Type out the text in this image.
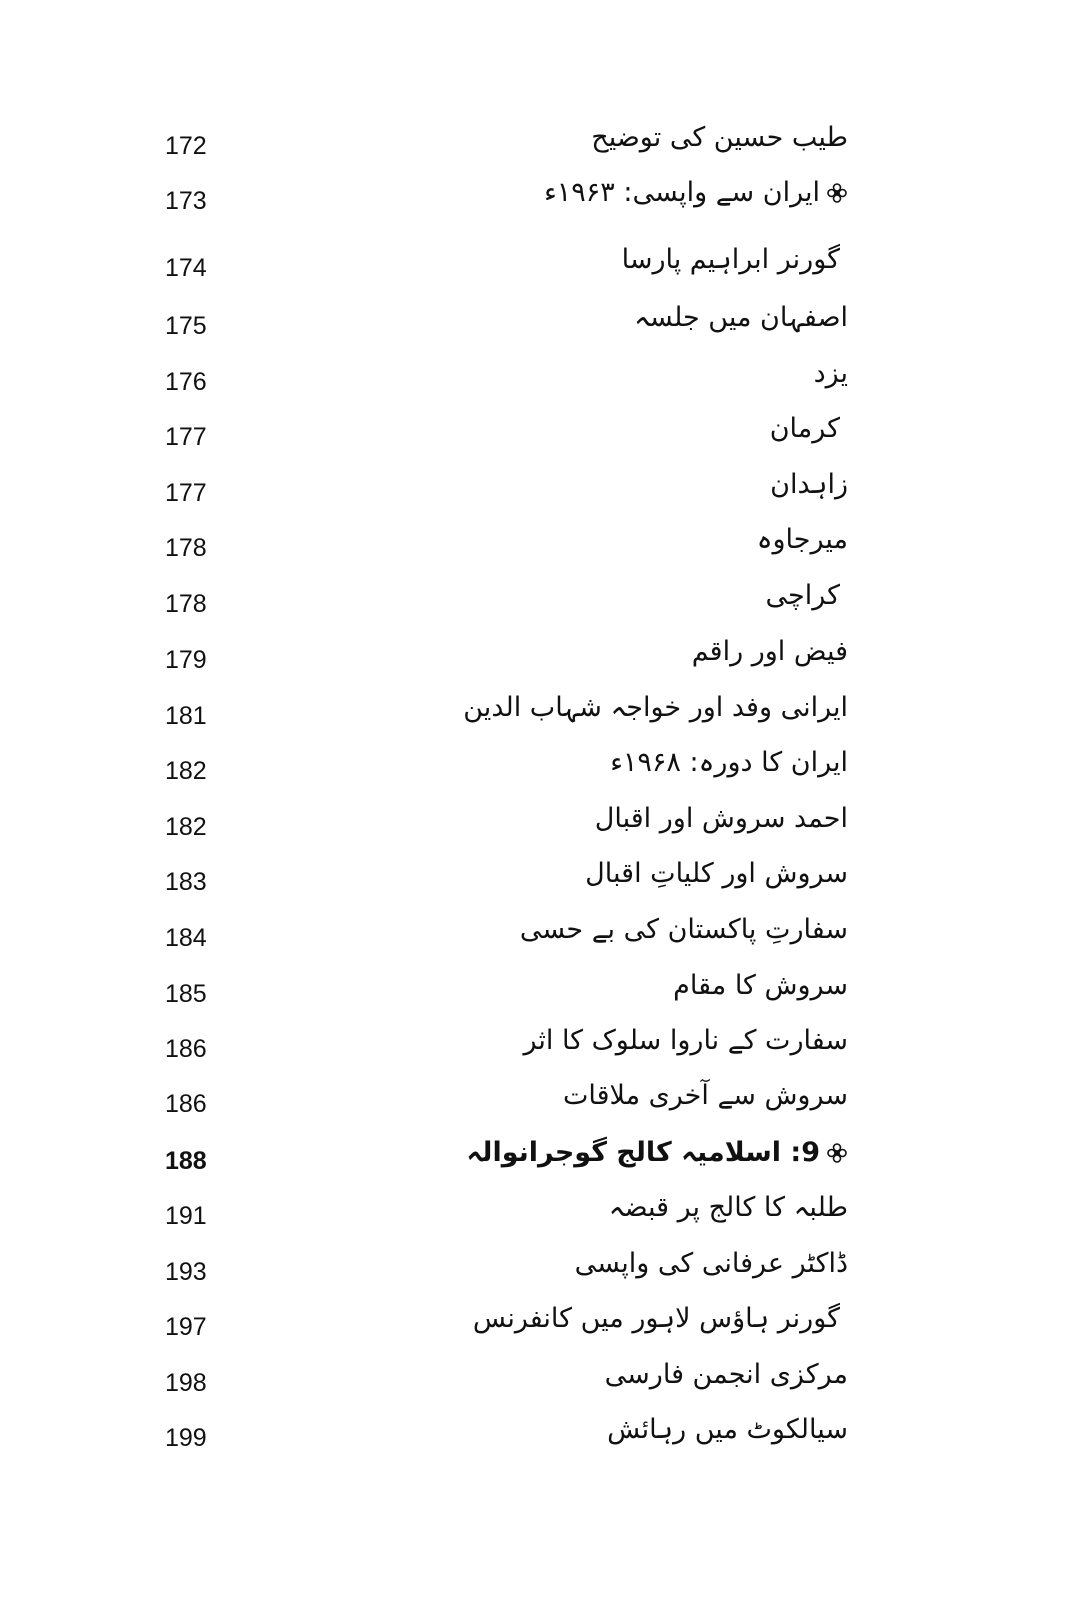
طیب حسین کی توضیح
172
ایران سے واپسی: ۱۹۶۳ء
173
گورنر ابراہیم پارسا
174
اصفہان میں جلسہ
175
یزد
176
کرمان
177
زاہدان
177
میرجاوہ
178
کراچی
178
فیض اور راقم
179
ایرانی وفد اور خواجہ شہاب الدین
181
ایران کا دورہ: ۱۹۶۸ء
182
احمد سروش اور اقبال
182
سروش اور کلیاتِ اقبال
183
سفارتِ پاکستان کی بے حسی
184
سروش کا مقام
185
سفارت کے ناروا سلوک کا اثر
186
سروش سے آخری ملاقات
186
9: اسلامیہ کالج گوجرانوالہ
188
طلبہ کا کالج پر قبضہ
191
ڈاکٹر عرفانی کی واپسی
193
گورنر ہاؤس لاہور میں کانفرنس
197
مرکزی انجمن فارسی
198
سیالکوٹ میں رہائش
199
